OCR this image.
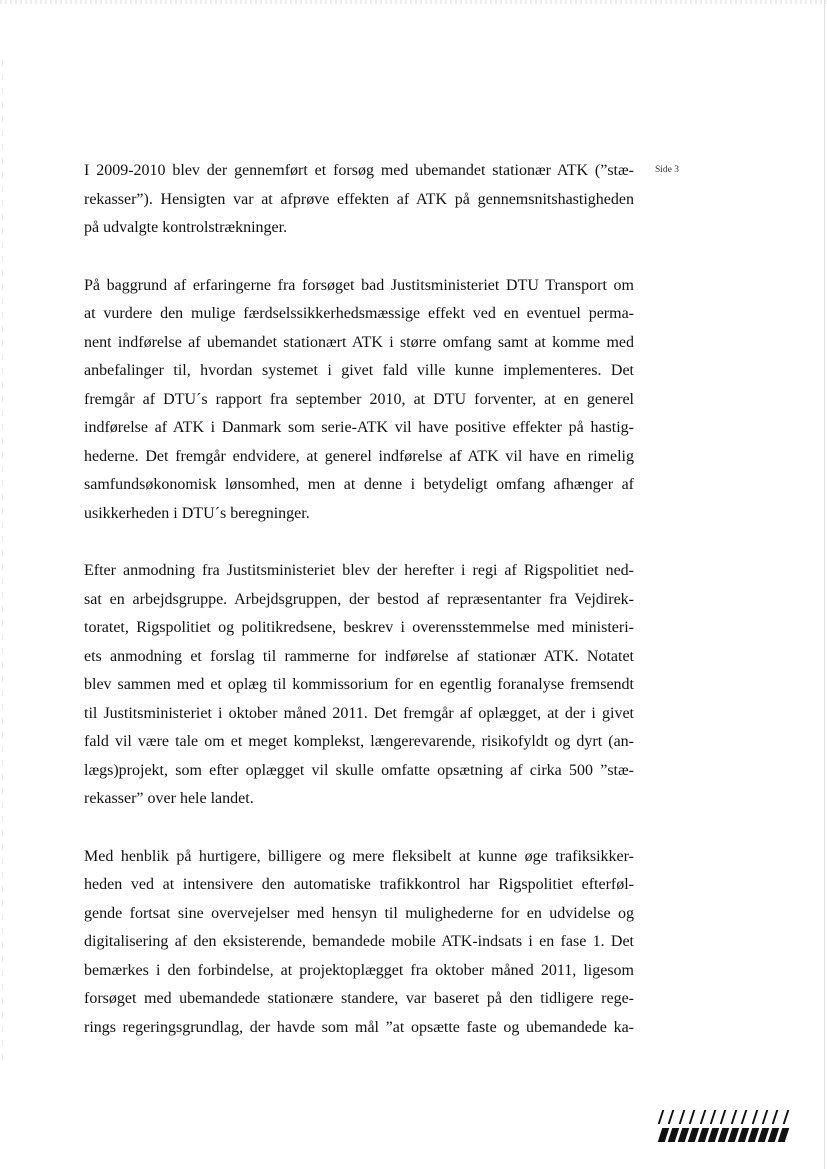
Side 3

I 2009-2010 blev der gennemført et forsøg med ubemandet stationær ATK (”stæ-
rekasser”). Hensigten var at afprøve effekten af ATK på gennemsnitshastigheden
på udvalgte kontrolstrækninger.

På baggrund af erfaringerne fra forsøget bad Justitsministeriet DTU Transport om
at vurdere den mulige færdselssikkerhedsmæssige effekt ved en eventuel perma-
nent indførelse af ubemandet stationært ATK i større omfang samt at komme med
anbefalinger til, hvordan systemet i givet fald ville kunne implementeres. Det
fremgår af DTU´s rapport fra september 2010, at DTU forventer, at en generel
indførelse af ATK i Danmark som serie-ATK vil have positive effekter på hastig-
hederne. Det fremgår endvidere, at generel indførelse af ATK vil have en rimelig
samfundsøkonomisk lønsomhed, men at denne i betydeligt omfang afhænger af
usikkerheden i DTU´s beregninger.

Efter anmodning fra Justitsministeriet blev der herefter i regi af Rigspolitiet ned-
sat en arbejdsgruppe. Arbejdsgruppen, der bestod af repræsentanter fra Vejdirek-
toratet, Rigspolitiet og politikredsene, beskrev i overensstemmelse med ministeri-
ets anmodning et forslag til rammerne for indførelse af stationær ATK. Notatet
blev sammen med et oplæg til kommissorium for en egentlig foranalyse fremsendt
til Justitsministeriet i oktober måned 2011. Det fremgår af oplægget, at der i givet
fald vil være tale om et meget komplekst, længerevarende, risikofyldt og dyrt (an-
lægs)projekt, som efter oplægget vil skulle omfatte opsætning af cirka 500 ”stæ-
rekasser” over hele landet.

Med henblik på hurtigere, billigere og mere fleksibelt at kunne øge trafiksikker-
heden ved at intensivere den automatiske trafikkontrol har Rigspolitiet efterføl-
gende fortsat sine overvejelser med hensyn til mulighederne for en udvidelse og
digitalisering af den eksisterende, bemandede mobile ATK-indsats i en fase 1. Det
bemærkes i den forbindelse, at projektoplægget fra oktober måned 2011, ligesom
forsøget med ubemandede stationære standere, var baseret på den tidligere rege-
rings regeringsgrundlag, der havde som mål ”at opsætte faste og ubemandede ka-
